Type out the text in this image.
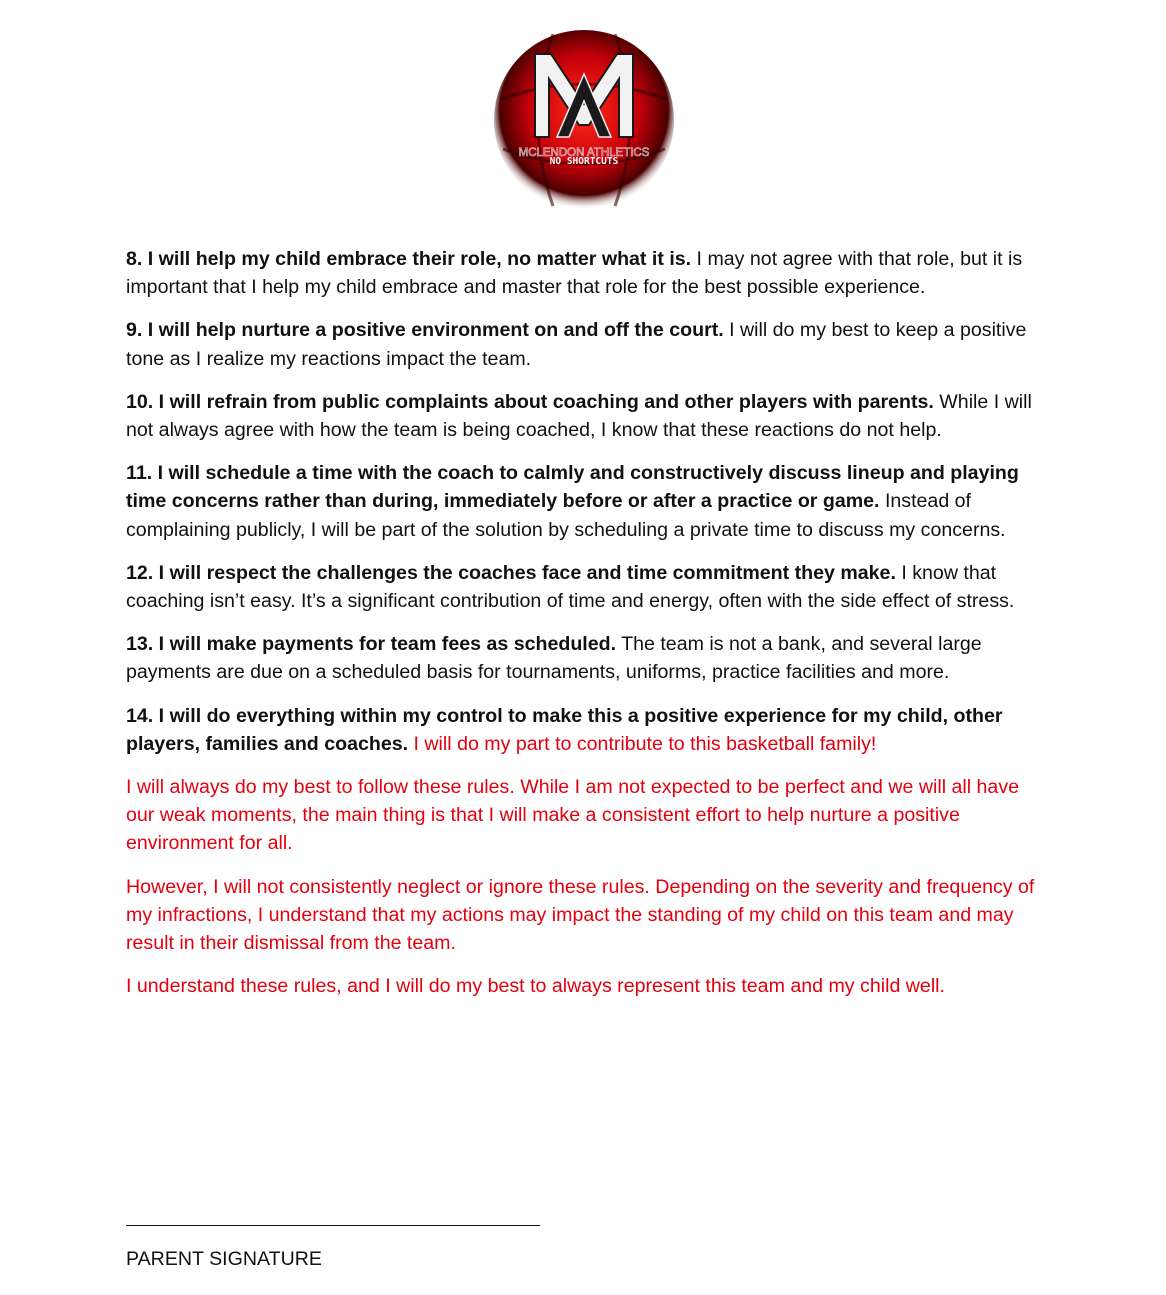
MCLENDON ATHLETICS
NO SHORTCUTS

8. I will help my child embrace their role, no matter what it is. I may not agree with that role, but it is important that I help my child embrace and master that role for the best possible experience.

9. I will help nurture a positive environment on and off the court. I will do my best to keep a positive tone as I realize my reactions impact the team.

10. I will refrain from public complaints about coaching and other players with parents. While I will not always agree with how the team is being coached, I know that these reactions do not help.

11. I will schedule a time with the coach to calmly and constructively discuss lineup and playing time concerns rather than during, immediately before or after a practice or game. Instead of complaining publicly, I will be part of the solution by scheduling a private time to discuss my concerns.

12. I will respect the challenges the coaches face and time commitment they make. I know that coaching isn’t easy. It’s a significant contribution of time and energy, often with the side effect of stress.

13. I will make payments for team fees as scheduled. The team is not a bank, and several large payments are due on a scheduled basis for tournaments, uniforms, practice facilities and more.

14. I will do everything within my control to make this a positive experience for my child, other players, families and coaches. I will do my part to contribute to this basketball family!

I will always do my best to follow these rules. While I am not expected to be perfect and we will all have our weak moments, the main thing is that I will make a consistent effort to help nurture a positive environment for all.

However, I will not consistently neglect or ignore these rules. Depending on the severity and frequency of my infractions, I understand that my actions may impact the standing of my child on this team and may result in their dismissal from the team.

I understand these rules, and I will do my best to always represent this team and my child well.

PARENT SIGNATURE
